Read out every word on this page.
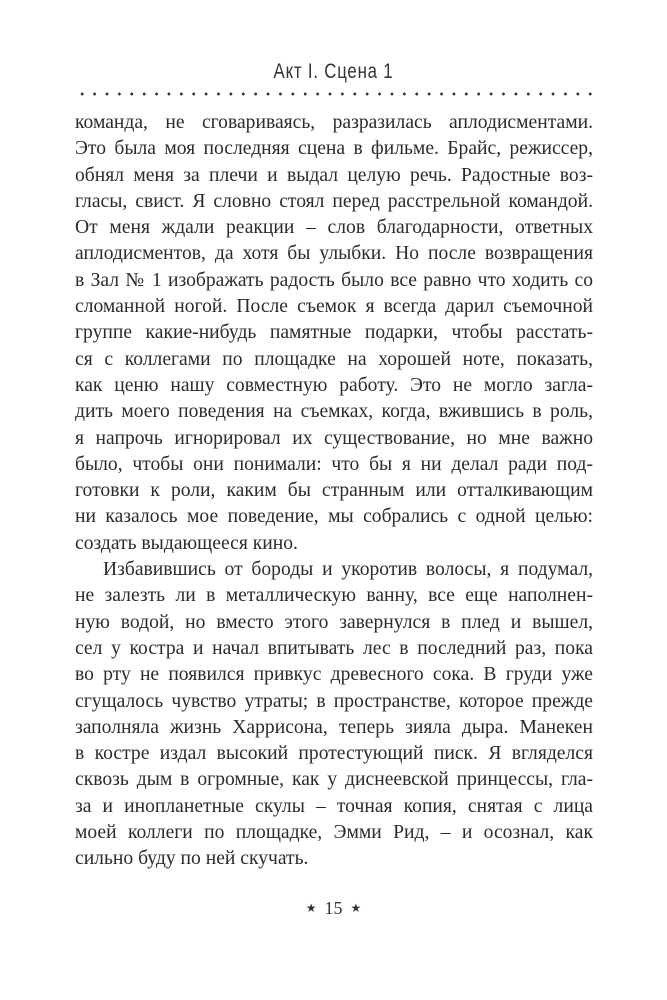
Акт I. Сцена 1
команда, не сговариваясь, разразилась аплодисментами.
Это была моя последняя сцена в фильме. Брайс, режиссер,
обнял меня за плечи и выдал целую речь. Радостные воз-
гласы, свист. Я словно стоял перед расстрельной командой.
От меня ждали реакции – слов благодарности, ответных
аплодисментов, да хотя бы улыбки. Но после возвращения
в Зал № 1 изображать радость было все равно что ходить со
сломанной ногой. После съемок я всегда дарил съемочной
группе какие-нибудь памятные подарки, чтобы расстать-
ся с коллегами по площадке на хорошей ноте, показать,
как ценю нашу совместную работу. Это не могло загла-
дить моего поведения на съемках, когда, вжившись в роль,
я напрочь игнорировал их существование, но мне важно
было, чтобы они понимали: что бы я ни делал ради под-
готовки к роли, каким бы странным или отталкивающим
ни казалось мое поведение, мы собрались с одной целью:
создать выдающееся кино.
Избавившись от бороды и укоротив волосы, я подумал,
не залезть ли в металлическую ванну, все еще наполнен-
ную водой, но вместо этого завернулся в плед и вышел,
сел у костра и начал впитывать лес в последний раз, пока
во рту не появился привкус древесного сока. В груди уже
сгущалось чувство утраты; в пространстве, которое прежде
заполняла жизнь Харрисона, теперь зияла дыра. Манекен
в костре издал высокий протестующий писк. Я вгляделся
сквозь дым в огромные, как у диснеевской принцессы, гла-
за и инопланетные скулы – точная копия, снятая с лица
моей коллеги по площадке, Эмми Рид, – и осознал, как
сильно буду по ней скучать.
★ 15 ★
